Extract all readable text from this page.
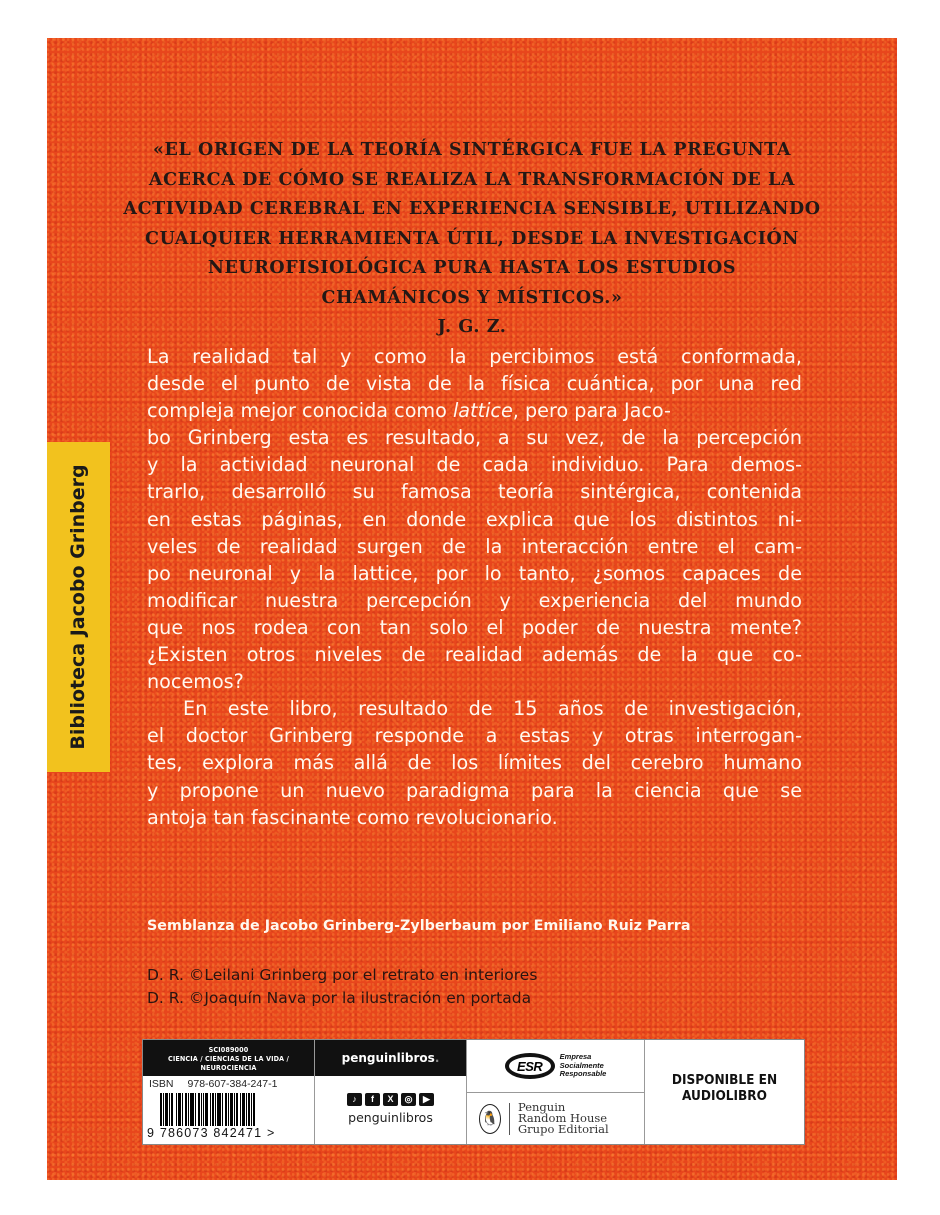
«EL ORIGEN DE LA TEORÍA SINTÉRGICA FUE LA PREGUNTA
ACERCA DE CÓMO SE REALIZA LA TRANSFORMACIÓN DE LA
ACTIVIDAD CEREBRAL EN EXPERIENCIA SENSIBLE, UTILIZANDO
CUALQUIER HERRAMIENTA ÚTIL, DESDE LA INVESTIGACIÓN
NEUROFISIOLÓGICA PURA HASTA LOS ESTUDIOS
CHAMÁNICOS Y MÍSTICOS.»
J. G. Z.
Biblioteca Jacobo Grinberg
La realidad tal y como la percibimos está conformada,
desde el punto de vista de la física cuántica, por una red
compleja mejor conocida como lattice, pero para Jaco-
bo Grinberg esta es resultado, a su vez, de la percepción
y la actividad neuronal de cada individuo. Para demos-
trarlo, desarrolló su famosa teoría sintérgica, contenida
en estas páginas, en donde explica que los distintos ni-
veles de realidad surgen de la interacción entre el cam-
po neuronal y la lattice, por lo tanto, ¿somos capaces de
modificar nuestra percepción y experiencia del mundo
que nos rodea con tan solo el poder de nuestra mente?
¿Existen otros niveles de realidad además de la que co-
nocemos?
En este libro, resultado de 15 años de investigación,
el doctor Grinberg responde a estas y otras interrogan-
tes, explora más allá de los límites del cerebro humano
y propone un nuevo paradigma para la ciencia que se
antoja tan fascinante como revolucionario.
Semblanza de Jacobo Grinberg-Zylberbaum por Emiliano Ruiz Parra
D. R. ©Leilani Grinberg por el retrato en interiores
D. R. ©Joaquín Nava por la ilustración en portada
SCI089000
CIENCIA / CIENCIAS DE LA VIDA /
NEUROCIENCIA
ISBN 978-607-384-247-1
9 786073 842471 >
penguinlibros.
♪	f	X	◎	▶
penguinlibros
ESR
Empresa
Socialmente
Responsable
🐧
Penguin
Random House
Grupo Editorial
DISPONIBLE EN
AUDIOLIBRO
